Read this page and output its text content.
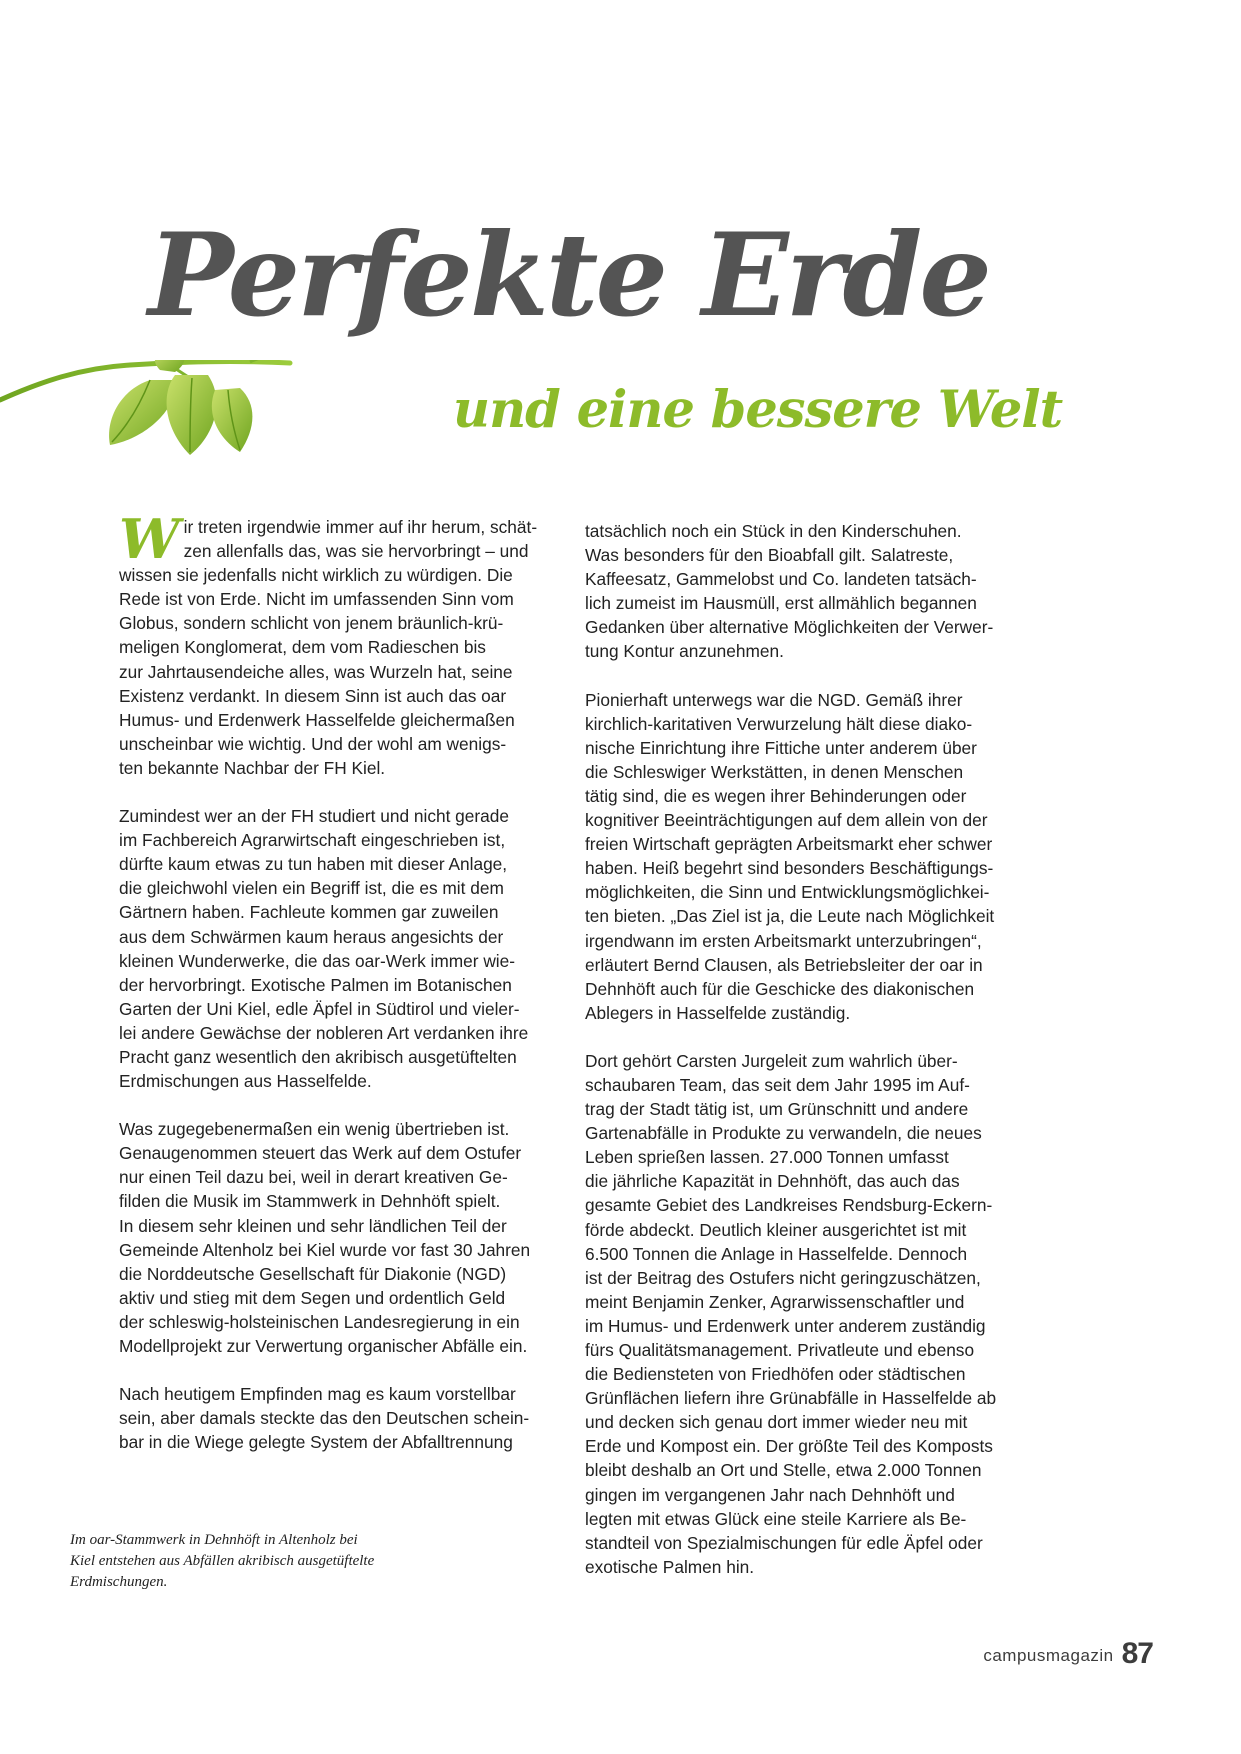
Perfekte Erde
und eine bessere Welt

W ir treten irgendwie immer auf ihr herum, schät-
zen allenfalls das, was sie hervorbringt – und
wissen sie jedenfalls nicht wirklich zu würdigen. Die
Rede ist von Erde. Nicht im umfassenden Sinn vom
Globus, sondern schlicht von jenem bräunlich-krü-
meligen Konglomerat, dem vom Radieschen bis
zur Jahrtausendeiche alles, was Wurzeln hat, seine
Existenz verdankt. In diesem Sinn ist auch das oar
Humus- und Erdenwerk Hasselfelde gleichermaßen
unscheinbar wie wichtig. Und der wohl am wenigs-
ten bekannte Nachbar der FH Kiel.

Zumindest wer an der FH studiert und nicht gerade
im Fachbereich Agrarwirtschaft eingeschrieben ist,
dürfte kaum etwas zu tun haben mit dieser Anlage,
die gleichwohl vielen ein Begriff ist, die es mit dem
Gärtnern haben. Fachleute kommen gar zuweilen
aus dem Schwärmen kaum heraus angesichts der
kleinen Wunderwerke, die das oar-Werk immer wie-
der hervorbringt. Exotische Palmen im Botanischen
Garten der Uni Kiel, edle Äpfel in Südtirol und vieler-
lei andere Gewächse der nobleren Art verdanken ihre
Pracht ganz wesentlich den akribisch ausgetüftelten
Erdmischungen aus Hasselfelde.

Was zugegebenermaßen ein wenig übertrieben ist.
Genaugenommen steuert das Werk auf dem Ostufer
nur einen Teil dazu bei, weil in derart kreativen Ge-
filden die Musik im Stammwerk in Dehnhöft spielt.
In diesem sehr kleinen und sehr ländlichen Teil der
Gemeinde Altenholz bei Kiel wurde vor fast 30 Jahren
die Norddeutsche Gesellschaft für Diakonie (NGD)
aktiv und stieg mit dem Segen und ordentlich Geld
der schleswig-holsteinischen Landesregierung in ein
Modellprojekt zur Verwertung organischer Abfälle ein.

Nach heutigem Empfinden mag es kaum vorstellbar
sein, aber damals steckte das den Deutschen schein-
bar in die Wiege gelegte System der Abfalltrennung

tatsächlich noch ein Stück in den Kinderschuhen.
Was besonders für den Bioabfall gilt. Salatreste,
Kaffeesatz, Gammelobst und Co. landeten tatsäch-
lich zumeist im Hausmüll, erst allmählich begannen
Gedanken über alternative Möglichkeiten der Verwer-
tung Kontur anzunehmen.

Pionierhaft unterwegs war die NGD. Gemäß ihrer
kirchlich-karitativen Verwurzelung hält diese diako-
nische Einrichtung ihre Fittiche unter anderem über
die Schleswiger Werkstätten, in denen Menschen
tätig sind, die es wegen ihrer Behinderungen oder
kognitiver Beeinträchtigungen auf dem allein von der
freien Wirtschaft geprägten Arbeitsmarkt eher schwer
haben. Heiß begehrt sind besonders Beschäftigungs-
möglichkeiten, die Sinn und Entwicklungsmöglichkei-
ten bieten. „Das Ziel ist ja, die Leute nach Möglichkeit
irgendwann im ersten Arbeitsmarkt unterzubringen“,
erläutert Bernd Clausen, als Betriebsleiter der oar in
Dehnhöft auch für die Geschicke des diakonischen
Ablegers in Hasselfelde zuständig.

Dort gehört Carsten Jurgeleit zum wahrlich über-
schaubaren Team, das seit dem Jahr 1995 im Auf-
trag der Stadt tätig ist, um Grünschnitt und andere
Gartenabfälle in Produkte zu verwandeln, die neues
Leben sprießen lassen. 27.000 Tonnen umfasst
die jährliche Kapazität in Dehnhöft, das auch das
gesamte Gebiet des Landkreises Rendsburg-Eckern-
förde abdeckt. Deutlich kleiner ausgerichtet ist mit
6.500 Tonnen die Anlage in Hasselfelde. Dennoch
ist der Beitrag des Ostufers nicht geringzuschätzen,
meint Benjamin Zenker, Agrarwissenschaftler und
im Humus- und Erdenwerk unter anderem zuständig
fürs Qualitätsmanagement. Privatleute und ebenso
die Bediensteten von Friedhöfen oder städtischen
Grünflächen liefern ihre Grünabfälle in Hasselfelde ab
und decken sich genau dort immer wieder neu mit
Erde und Kompost ein. Der größte Teil des Komposts
bleibt deshalb an Ort und Stelle, etwa 2.000 Tonnen
gingen im vergangenen Jahr nach Dehnhöft und
legten mit etwas Glück eine steile Karriere als Be-
standteil von Spezialmischungen für edle Äpfel oder
exotische Palmen hin.

Im oar-Stammwerk in Dehnhöft in Altenholz bei
Kiel entstehen aus Abfällen akribisch ausgetüftelte
Erdmischungen.
campusmagazin 87
